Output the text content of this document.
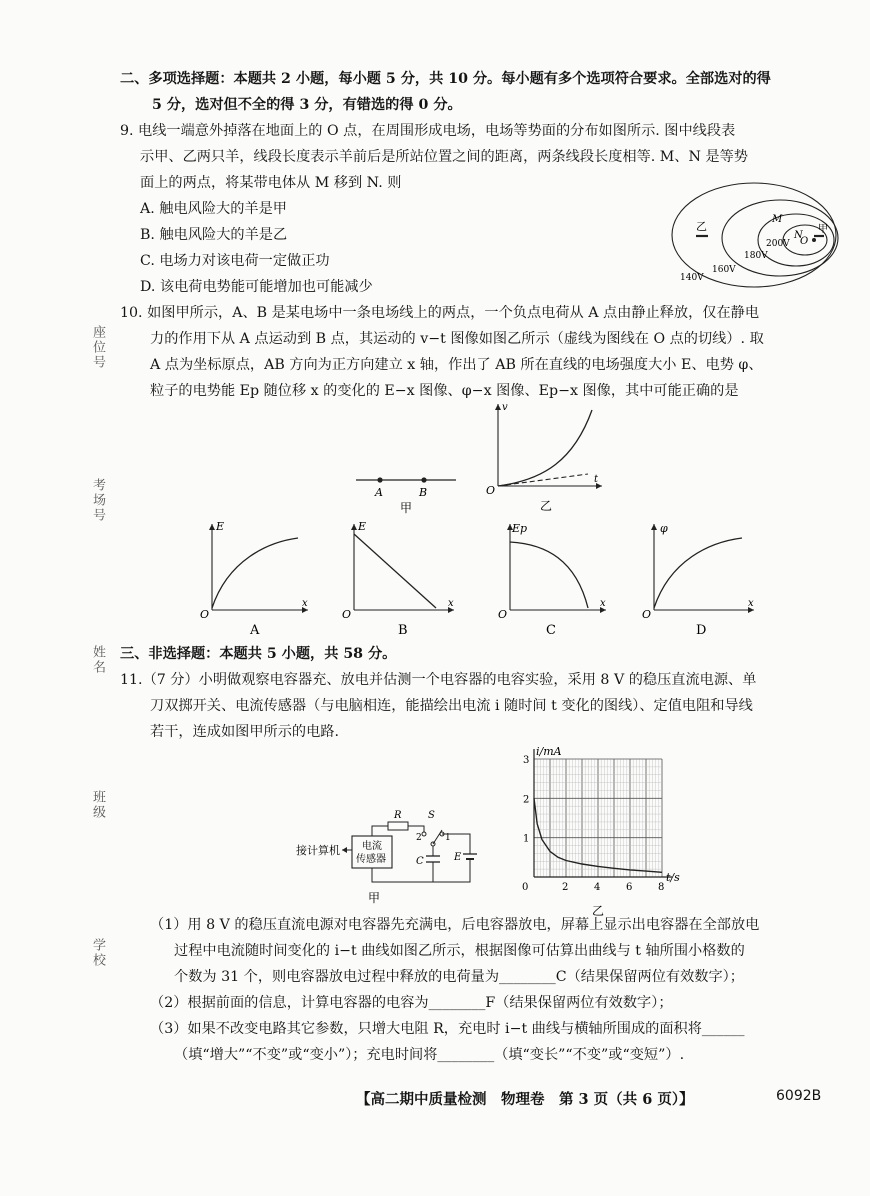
座位号
考场号
姓名
班级
学校
二、多项选择题：本题共 2 小题，每小题 5 分，共 10 分。每小题有多个选项符合要求。全部选对的得
5 分，选对但不全的得 3 分，有错选的得 0 分。
9. 电线一端意外掉落在地面上的 O 点，在周围形成电场，电场等势面的分布如图所示. 图中线段表
示甲、乙两只羊，线段长度表示羊前后是所站位置之间的距离，两条线段长度相等. M、N 是等势
面上的两点，将某带电体从 M 移到 N. 则
A. 触电风险大的羊是甲
B. 触电风险大的羊是乙
C. 电场力对该电荷一定做正功
D. 该电荷电势能可能增加也可能减少
乙	甲
M
N
O
140V
160V
180V
200V
10. 如图甲所示，A、B 是某电场中一条电场线上的两点，一个负点电荷从 A 点由静止释放，仅在静电
力的作用下从 A 点运动到 B 点，其运动的 v−t 图像如图乙所示（虚线为图线在 O 点的切线）. 取
A 点为坐标原点，AB 方向为正方向建立 x 轴，作出了 AB 所在直线的电场强度大小 E、电势 φ、
粒子的电势能 Ep 随位移 x 的变化的 E−x 图像、φ−x 图像、Ep−x 图像，其中可能正确的是
A	B
甲
v
t
O
乙
E
x
O
A
E
x
O
B
Ep
x
O
C
φ
x
O
D
三、非选择题：本题共 5 小题，共 58 分。
11.（7 分）小明做观察电容器充、放电并估测一个电容器的电容实验，采用 8 V 的稳压直流电源、单
刀双掷开关、电流传感器（与电脑相连，能描绘出电流 i 随时间 t 变化的图线）、定值电阻和导线
若干，连成如图甲所示的电路.
接计算机 电流
传感器
R	S
2	1
E
C
甲
0	2	4	6	8
1
2
3
i/mA
t/s
乙
（1）用 8 V 的稳压直流电源对电容器先充满电，后电容器放电，屏幕上显示出电容器在全部放电
过程中电流随时间变化的 i−t 曲线如图乙所示，根据图像可估算出曲线与 t 轴所围小格数的
个数为 31 个，则电容器放电过程中释放的电荷量为________C（结果保留两位有效数字）；
（2）根据前面的信息，计算电容器的电容为________F（结果保留两位有效数字）；
（3）如果不改变电路其它参数，只增大电阻 R，充电时 i−t 曲线与横轴所围成的面积将______
（填“增大”“不变”或“变小”）；充电时间将________（填“变长”“不变”或“变短”）.
【高二期中质量检测　物理卷　第 3 页（共 6 页）】	6092B
